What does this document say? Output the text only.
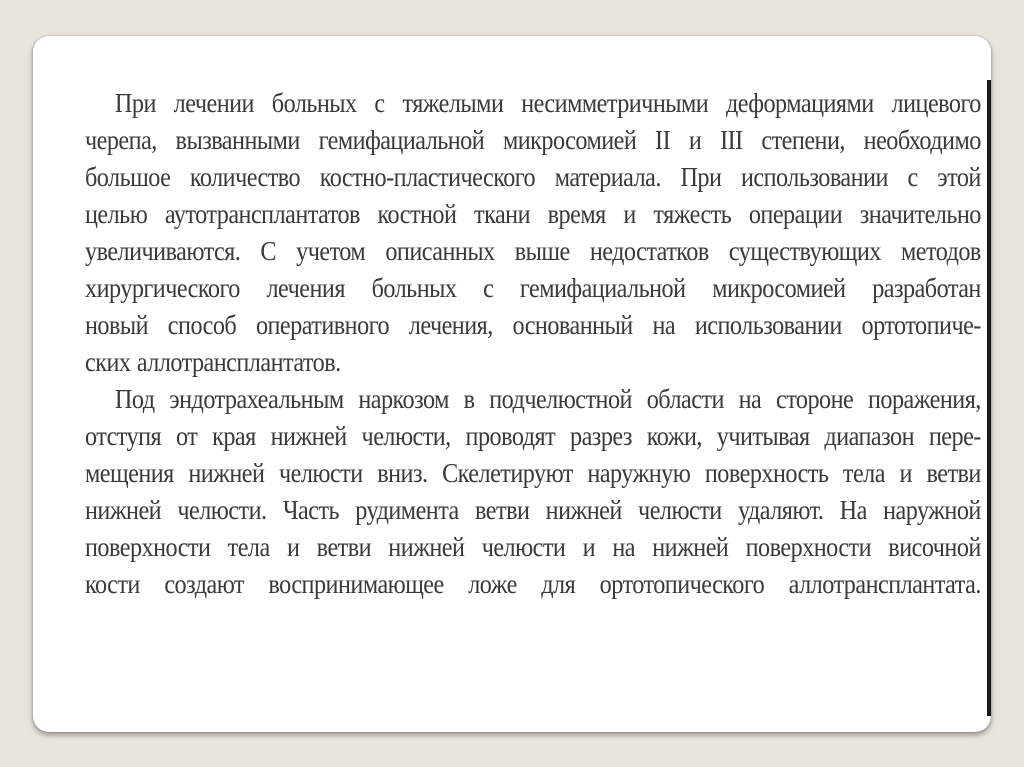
При лечении больных с тяжелыми несимметричными деформациями лицевого
черепа, вызванными гемифациальной микросомией II и III степени, необходимо
большое количество костно-пластического материала. При использовании с этой
целью аутотрансплантатов костной ткани время и тяжесть операции значительно
увеличиваются. С учетом описанных выше недостатков существующих методов
хирургического лечения больных с гемифациальной микросомией разработан
новый способ оперативного лечения, основанный на использовании ортотопиче-
ских аллотрансплантатов.
Под эндотрахеальным наркозом в подчелюстной области на стороне поражения,
отступя от края нижней челюсти, проводят разрез кожи, учитывая диапазон пере-
мещения нижней челюсти вниз. Скелетируют наружную поверхность тела и ветви
нижней челюсти. Часть рудимента ветви нижней челюсти удаляют. На наружной
поверхности тела и ветви нижней челюсти и на нижней поверхности височной
кости создают воспринимающее ложе для ортотопического аллотрансплантата.
